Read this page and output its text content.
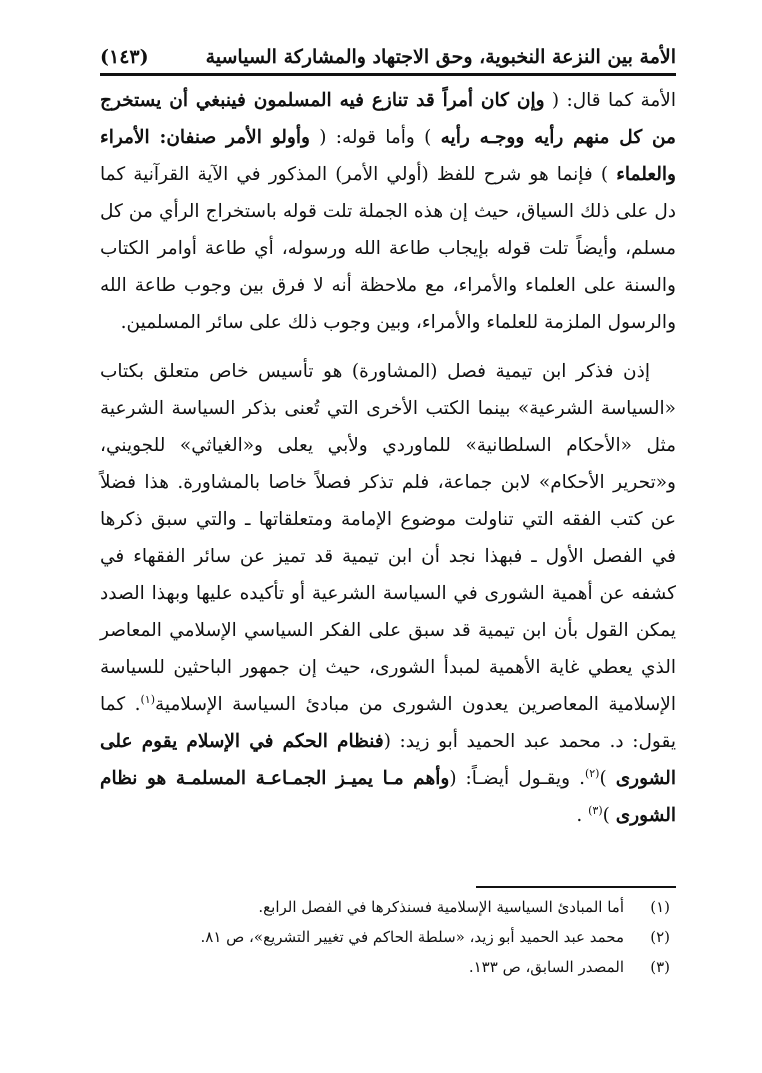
الأمة بين النزعة النخبوية، وحق الاجتهاد والمشاركة السياسية
(١٤٣)

الأمة كما قال: ( وإن كان أمراً قد تنازع فيه المسلمون فينبغي أن يستخرج من كل منهم رأيه ووجـه رأيه ) وأما قوله: ( وأولو الأمر صنفان: الأمراء والعلماء ) فإنما هو شرح للفظ (أولي الأمر) المذكور في الآية القرآنية كما دل على ذلك السياق، حيث إن هذه الجملة تلت قوله باستخراج الرأي من كل مسلم، وأيضاً تلت قوله بإيجاب طاعة الله ورسوله، أي طاعة أوامر الكتاب والسنة على العلماء والأمراء، مع ملاحظة أنه لا فرق بين وجوب طاعة الله والرسول الملزمة للعلماء والأمراء، وبين وجوب ذلك على سائر المسلمين.

إذن فذكر ابن تيمية فصل (المشاورة) هو تأسيس خاص متعلق بكتاب «السياسة الشرعية» بينما الكتب الأخرى التي تُعنى بذكر السياسة الشرعية مثل «الأحكام السلطانية» للماوردي ولأبي يعلى و«الغياثي» للجويني، و«تحرير الأحكام» لابن جماعة، فلم تذكر فصلاً خاصا بالمشاورة. هذا فضلاً عن كتب الفقه التي تناولت موضوع الإمامة ومتعلقاتها ـ والتي سبق ذكرها في الفصل الأول ـ فبهذا نجد أن ابن تيمية قد تميز عن سائر الفقهاء في كشفه عن أهمية الشورى في السياسة الشرعية أو تأكيده عليها وبهذا الصدد يمكن القول بأن ابن تيمية قد سبق على الفكر السياسي الإسلامي المعاصر الذي يعطي غاية الأهمية لمبدأ الشورى، حيث إن جمهور الباحثين للسياسة الإسلامية المعاصرين يعدون الشورى من مبادئ السياسة الإسلامية$^{(١)}$. كما يقول: د. محمد عبد الحميد أبو زيد: (فنظام الحكم في الإسلام يقوم على الشورى )$^{(٢)}$. ويقـول أيضـاً: (وأهم مـا يميـز الجمـاعـة المسلمـة هو نظام الشورى )$^{(٣)}$ .

(١)
أما المبادئ السياسية الإسلامية فسنذكرها في الفصل الرابع.
(٢)
محمد عبد الحميد أبو زيد، «سلطة الحاكم في تغيير التشريع»، ص ٨١.
(٣)
المصدر السابق، ص ١٣٣.
